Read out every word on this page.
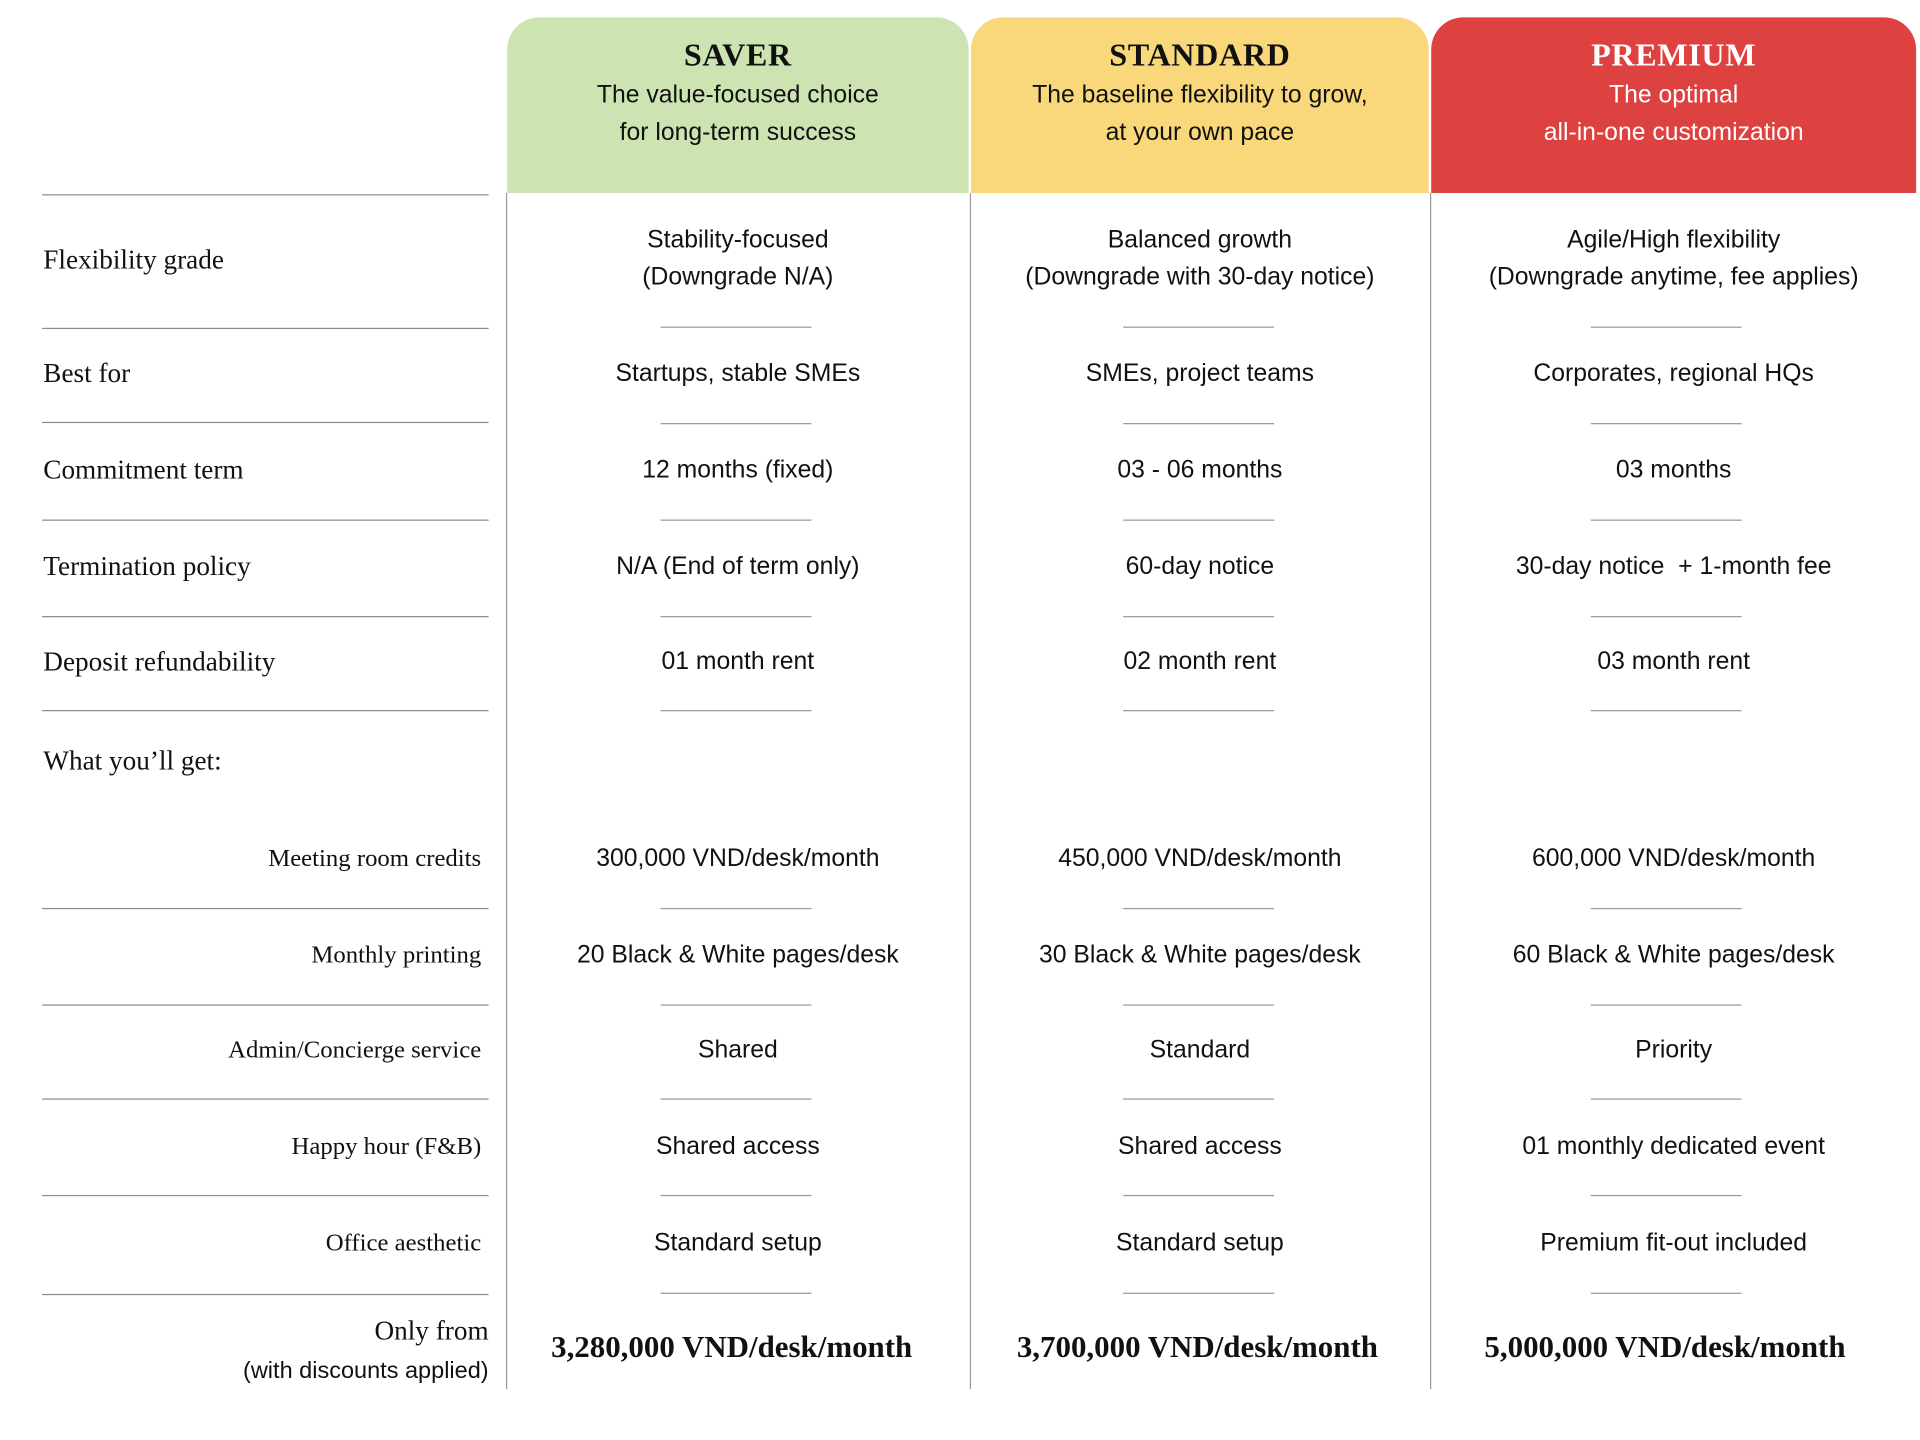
SAVER
The value-focused choice
for long-term success
STANDARD
The baseline flexibility to grow,
at your own pace
PREMIUM
The optimal
all-in-one customization
Flexibility grade
Best for
Commitment term
Termination policy
Deposit refundability
What you’ll get:
Meeting room credits
Monthly printing
Admin/Concierge service
Happy hour (F&B)
Office aesthetic
Only from
(with discounts applied)
Stability-focused
(Downgrade N/A)
Startups, stable SMEs
12 months (fixed)
N/A (End of term only)
01 month rent
300,000 VND/desk/month
20 Black & White pages/desk
Shared
Shared access
Standard setup
Balanced growth
(Downgrade with 30-day notice)
SMEs, project teams
03 - 06 months
60-day notice
02 month rent
450,000 VND/desk/month
30 Black & White pages/desk
Standard
Shared access
Standard setup
Agile/High flexibility
(Downgrade anytime, fee applies)
Corporates, regional HQs
03 months
30-day notice  + 1-month fee
03 month rent
600,000 VND/desk/month
60 Black & White pages/desk
Priority
01 monthly dedicated event
Premium fit-out included
3,280,000 VND/desk/month	3,700,000 VND/desk/month	5,000,000 VND/desk/month
